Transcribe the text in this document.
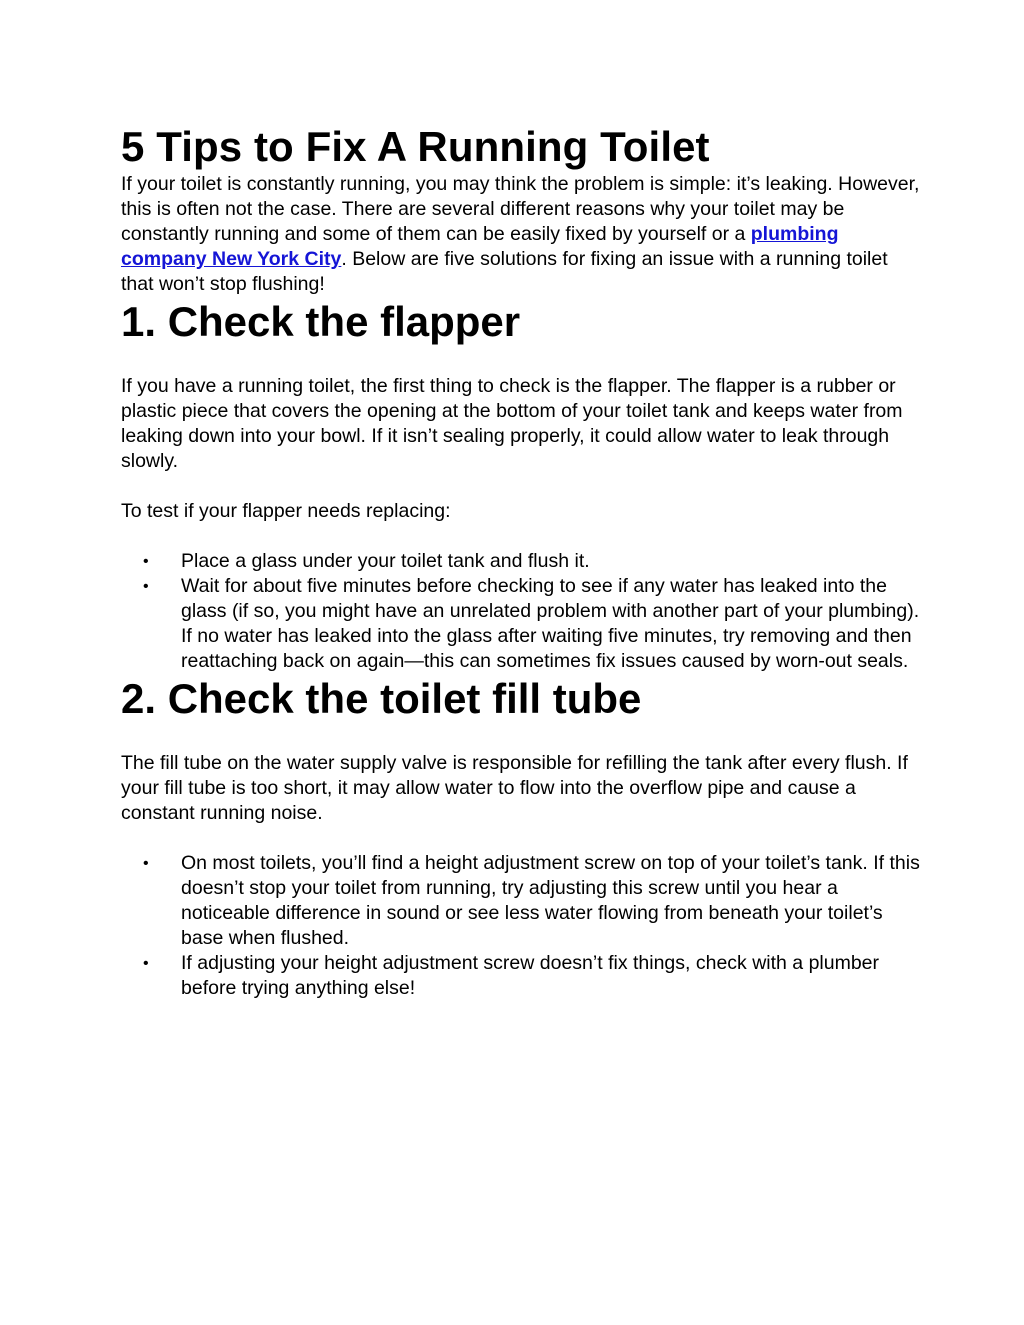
5 Tips to Fix A Running Toilet

If your toilet is constantly running, you may think the problem is simple: it’s leaking. However, this is often not the case. There are several different reasons why your toilet may be constantly running and some of them can be easily fixed by yourself or a plumbing company New York City. Below are five solutions for fixing an issue with a running toilet that won’t stop flushing!

1. Check the flapper

If you have a running toilet, the first thing to check is the flapper. The flapper is a rubber or plastic piece that covers the opening at the bottom of your toilet tank and keeps water from leaking down into your bowl. If it isn’t sealing properly, it could allow water to leak through slowly.

To test if your flapper needs replacing:

• Place a glass under your toilet tank and flush it.
• Wait for about five minutes before checking to see if any water has leaked into the glass (if so, you might have an unrelated problem with another part of your plumbing). If no water has leaked into the glass after waiting five minutes, try removing and then reattaching back on again—this can sometimes fix issues caused by worn-out seals.
2. Check the toilet fill tube

The fill tube on the water supply valve is responsible for refilling the tank after every flush. If your fill tube is too short, it may allow water to flow into the overflow pipe and cause a constant running noise.

• On most toilets, you’ll find a height adjustment screw on top of your toilet’s tank. If this doesn’t stop your toilet from running, try adjusting this screw until you hear a noticeable difference in sound or see less water flowing from beneath your toilet’s base when flushed.
• If adjusting your height adjustment screw doesn’t fix things, check with a plumber before trying anything else!
